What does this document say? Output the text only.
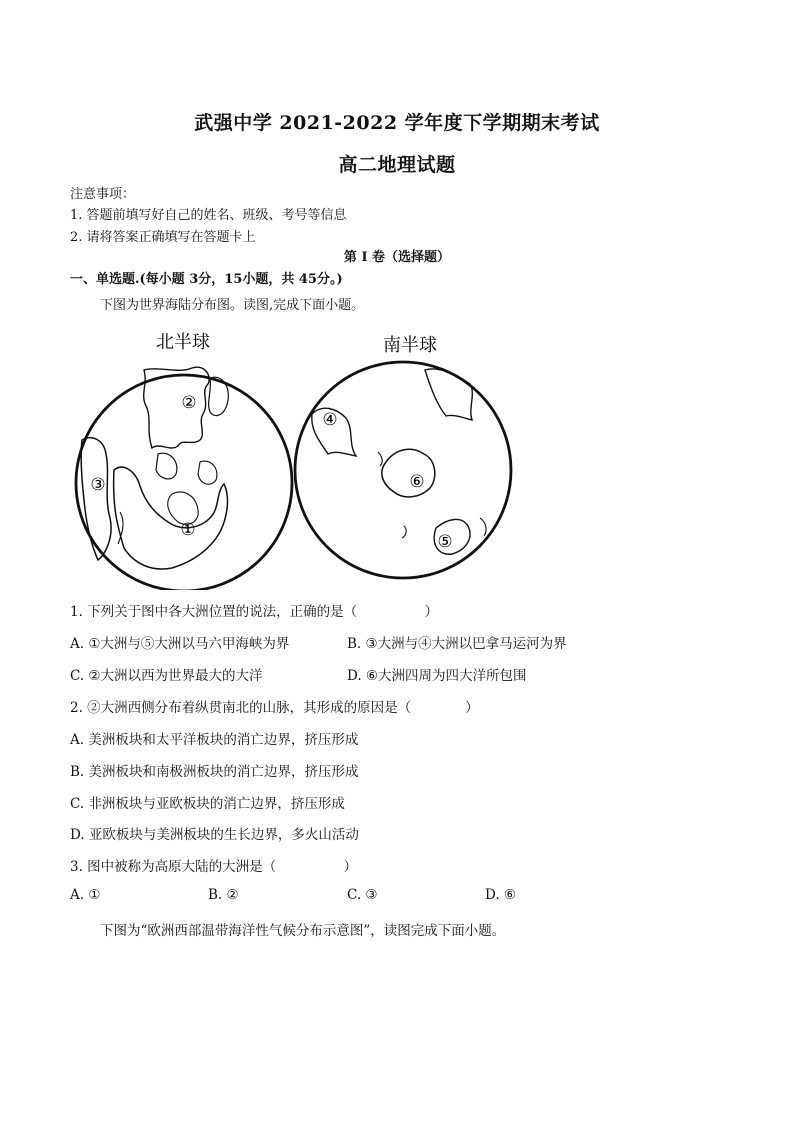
武强中学 2021-2022 学年度下学期期末考试
高二地理试题
注意事项：
1. 答题前填写好自己的姓名、班级、考号等信息
2. 请将答案正确填写在答题卡上
第 I 卷（选择题）
一、单选题.(每小题 3分，15小题，共 45分。)
下图为世界海陆分布图。读图,完成下面小题。
北半球
②
③
①
南半球
④
⑥
⑤
1. 下列关于图中各大洲位置的说法，正确的是（　　　　　）
A. ①大洲与⑤大洲以马六甲海峡为界	B. ③大洲与④大洲以巴拿马运河为界
C. ②大洲以西为世界最大的大洋	D. ⑥大洲四周为四大洋所包围
2. ②大洲西侧分布着纵贯南北的山脉，其形成的原因是（　　　　）
A. 美洲板块和太平洋板块的消亡边界，挤压形成
B. 美洲板块和南极洲板块的消亡边界，挤压形成
C. 非洲板块与亚欧板块的消亡边界，挤压形成
D. 亚欧板块与美洲板块的生长边界，多火山活动
3. 图中被称为高原大陆的大洲是（　　　　　）
A. ①	B. ②	C. ③	D. ⑥
下图为“欧洲西部温带海洋性气候分布示意图”，读图完成下面小题。
